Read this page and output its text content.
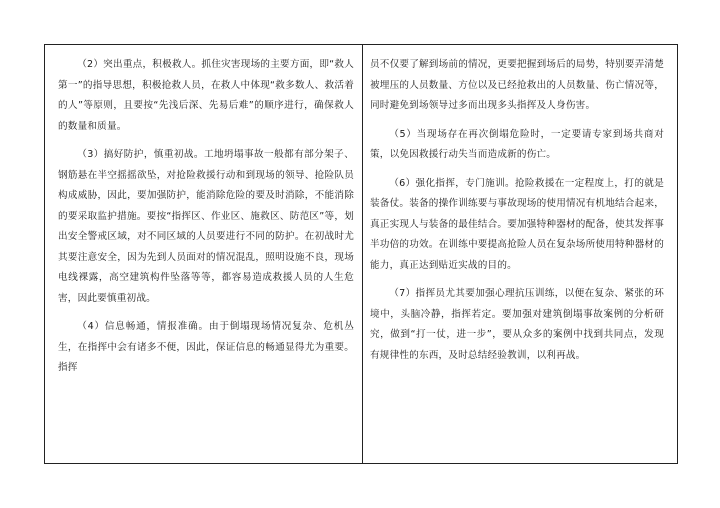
（2）突出重点，积极救人。抓住灾害现场的主要方面，即“救人第一”的指导思想，积极抢救人员，在救人中体现“救多数人、救活着的人”等原则，且要按“先浅后深、先易后难”的顺序进行，确保救人的数量和质量。

（3）搞好防护，慎重初战。工地坍塌事故一般都有部分架子、钢筋悬在半空摇摇欲坠，对抢险救援行动和到现场的领导、抢险队员构成威胁，因此，要加强防护，能消除危险的要及时消除，不能消除的要采取监护措施。要按“指挥区、作业区、施救区、防范区”等，划出安全警戒区域，对不同区域的人员要进行不同的防护。在初战时尤其要注意安全，因为先到人员面对的情况混乱，照明设施不良，现场电线裸露，高空建筑构件坠落等等，都容易造成救援人员的人生危害，因此要慎重初战。

（4）信息畅通，情报准确。由于倒塌现场情况复杂、危机丛生，在指挥中会有诸多不便，因此，保证信息的畅通显得尤为重要。指挥

员不仅要了解到场前的情况，更要把握到场后的局势，特别要弄清楚被埋压的人员数量、方位以及已经抢救出的人员数量、伤亡情况等，同时避免到场领导过多而出现多头指挥及人身伤害。

（5）当现场存在再次倒塌危险时，一定要请专家到场共商对策，以免因救援行动失当而造成新的伤亡。

（6）强化指挥，专门施训。抢险救援在一定程度上，打的就是装备仗。装备的操作训练要与事故现场的使用情况有机地结合起来，真正实现人与装备的最佳结合。要加强特种器材的配备，使其发挥事半功倍的功效。在训练中要提高抢险人员在复杂场所使用特种器材的能力，真正达到贴近实战的目的。

（7）指挥员尤其要加强心理抗压训练，以便在复杂、紧张的环境中，头脑冷静，指挥若定。要加强对建筑倒塌事故案例的分析研究，做到“打一仗，进一步”，要从众多的案例中找到共同点，发现有规律性的东西，及时总结经验教训，以利再战。
